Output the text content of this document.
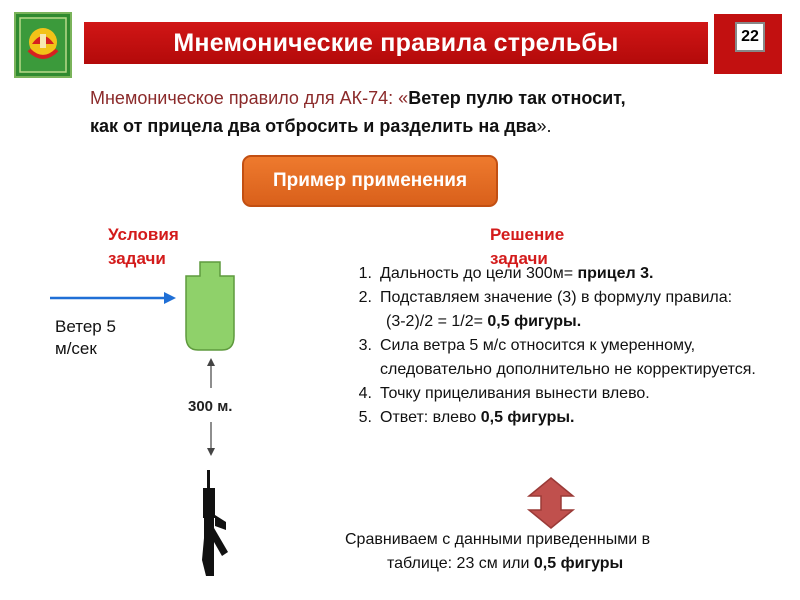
Мнемонические правила стрельбы	22
Мнемоническое правило для АК-74: «Ветер пулю так относит,
как от прицела два отбросить и разделить на два».
Пример применения
Условия
задачи
Решение
задачи
Ветер 5
м/сек
300 м.
1. Дальность до цели 300м= прицел 3.
2. Подставляем значение (3) в формулу правила:
(3-2)/2 = 1/2= 0,5 фигуры.
3. Сила ветра 5 м/с относится к умеренному, следовательно дополнительно не корректируется.
4. Точку прицеливания вынести влево.
5. Ответ: влево 0,5 фигуры.
Сравниваем с данными приведенными в
таблице: 23 см или 0,5 фигуры
